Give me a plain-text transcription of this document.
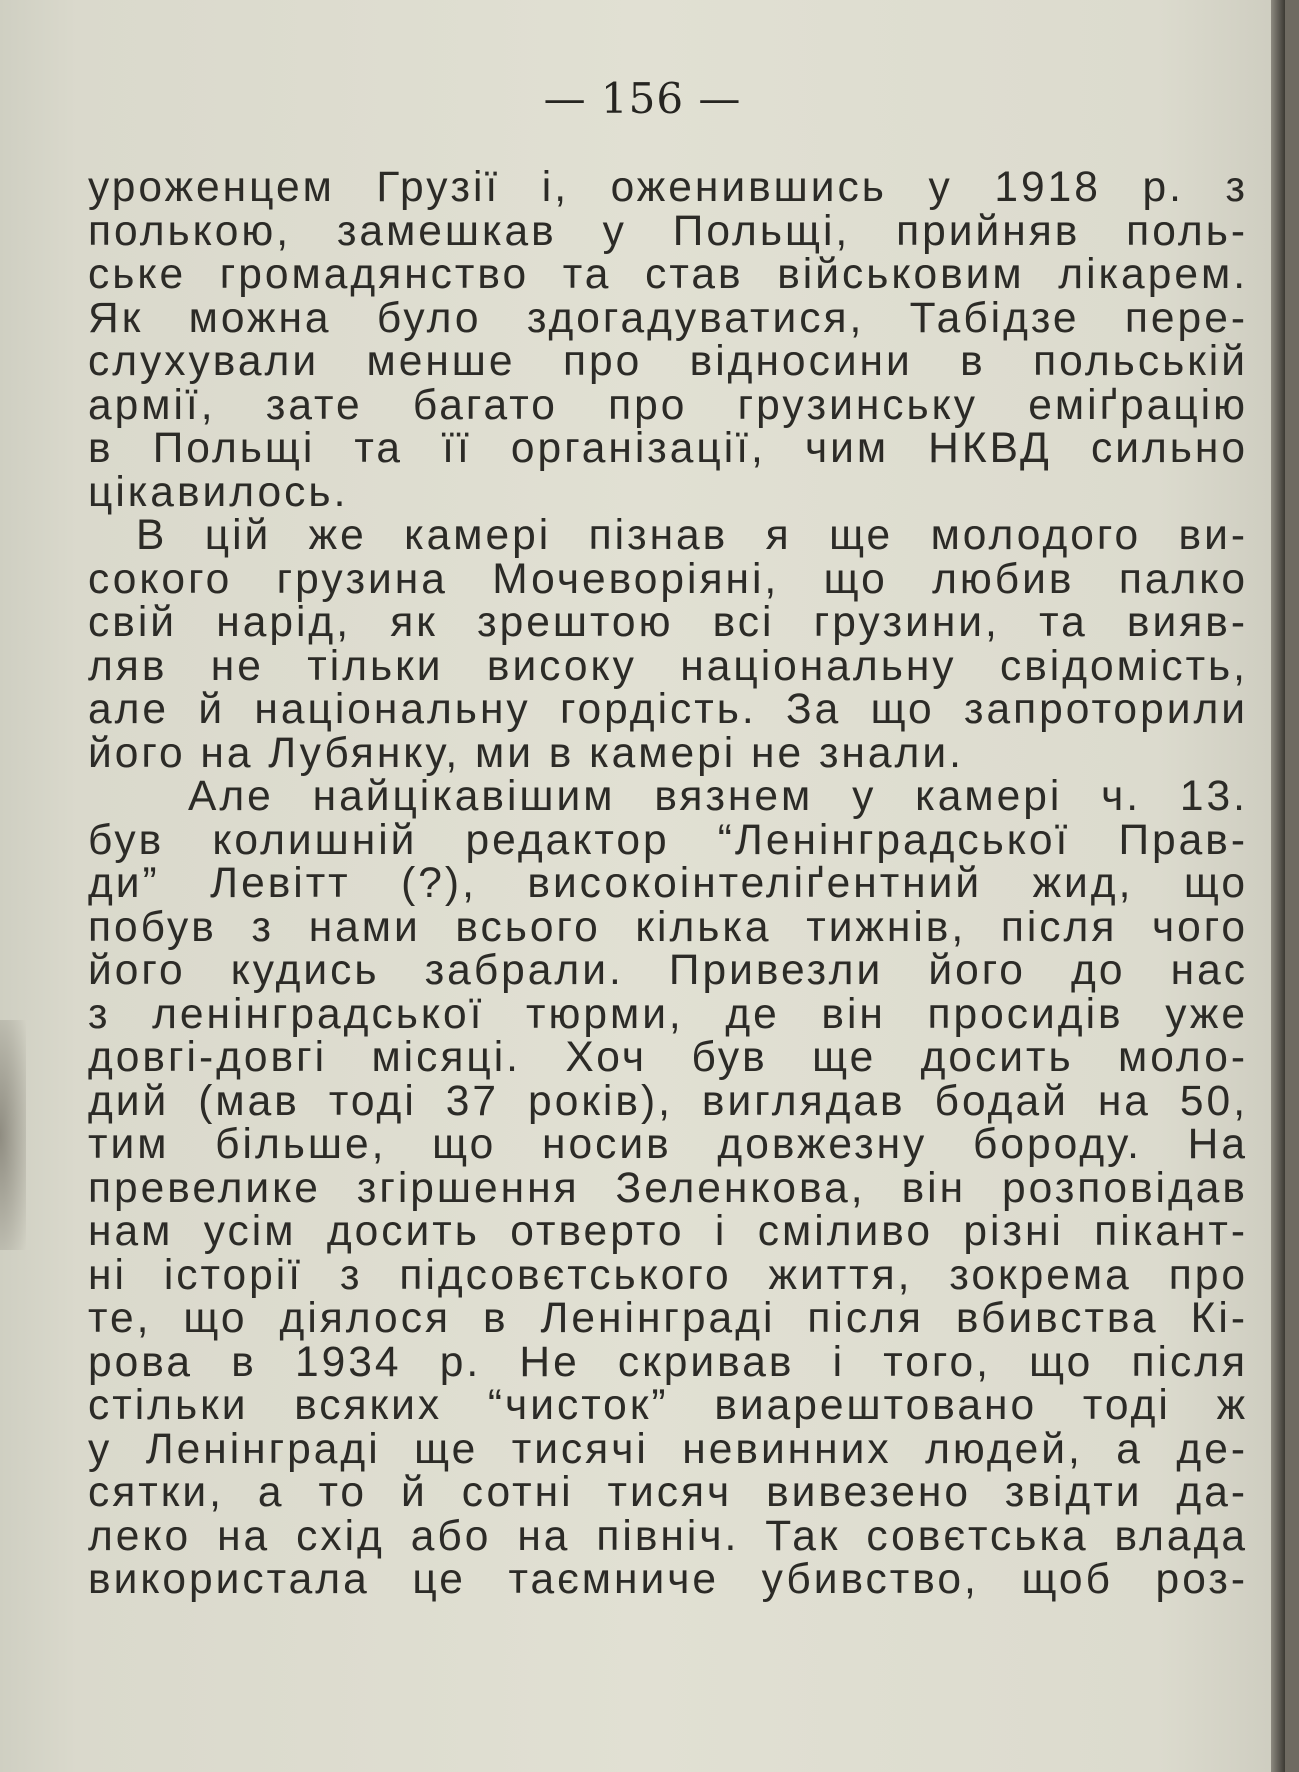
— 156 —
уроженцем Грузії і, оженившись у 1918 р. з
полькою, замешкав у Польщі, прийняв поль-
ське громадянство та став військовим лікарем.
Як можна було здогадуватися, Табідзе пере-
слухували менше про відносини в польській
армії, зате багато про грузинську еміґрацію
в Польщі та її організації, чим НКВД сильно
цікавилось.
В цій же камері пізнав я ще молодого ви-
сокого грузина Мочеворіяні, що любив палко
свій нарід, як зрештою всі грузини, та вияв-
ляв не тільки високу національну свідомість,
але й національну гордість. За що запроторили
його на Лубянку, ми в камері не знали.
Але найцікавішим вязнем у камері ч. 13.
був колишній редактор “Ленінградської Прав-
ди” Левітт (?), високоінтеліґентний жид, що
побув з нами всього кілька тижнів, після чого
його кудись забрали. Привезли його до нас
з ленінградської тюрми, де він просидів уже
довгі-довгі місяці. Хоч був ще досить моло-
дий (мав тоді 37 років), виглядав бодай на 50,
тим більше, що носив довжезну бороду. На
превелике згіршення Зеленкова, він розповідав
нам усім досить отверто і сміливо різні пікант-
ні історії з підсовєтського життя, зокрема про
те, що діялося в Ленінграді після вбивства Кі-
рова в 1934 р. Не скривав і того, що після
стільки всяких “чисток” виарештовано тоді ж
у Ленінграді ще тисячі невинних людей, а де-
сятки, а то й сотні тисяч вивезено звідти да-
леко на схід або на північ. Так совєтська влада
використала це таємниче убивство, щоб роз-
